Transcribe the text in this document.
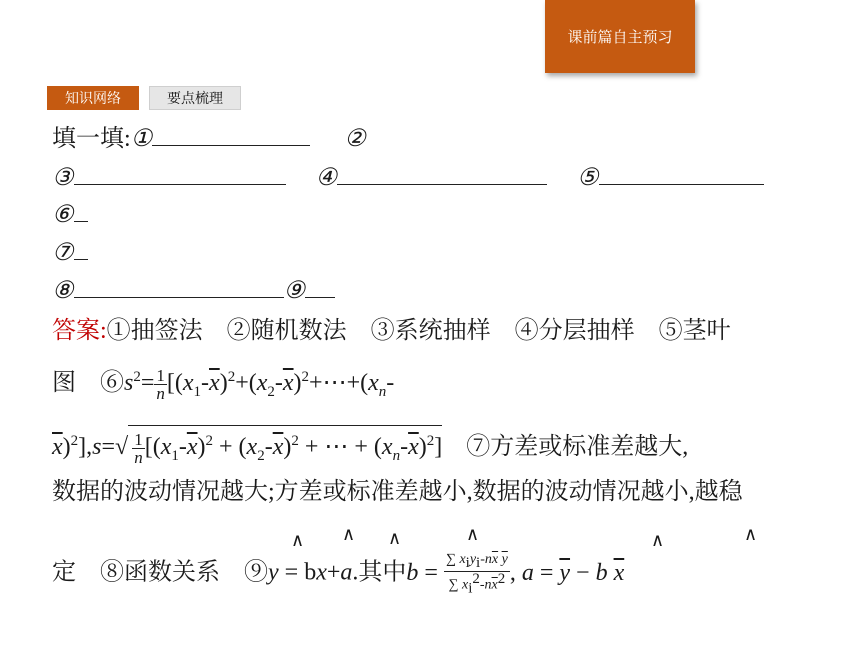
课前篇自主预习
知识网络	要点梳理
填一填:①	②
③	④	⑤
⑥
⑦
⑧	⑨
答案:①抽签法　②随机数法　③系统抽样　④分层抽样　⑤茎叶
图　$⑥s^2= \frac{1}{n}$ [$(x_1-\overline{x})^2+(x_2-\overline{x})^2+\cdots+(x_n-$
$\overline{x})^2],s=√ \frac{1}{n} [(x_1-\overline{x})^2 + (x_2-\overline{x})^2$ + ⋯ + $(x_n-\overline{x})^2$]　⑦方差或标准差越大,
数据的波动情况越大;方差或标准差越小,数据的波动情况越小,越稳
定　⑧函数关系　⑨y = bx+a.其中$b = \frac{\sum x_iy_i-n\overline{x} \overline{y}}{\sum x_i^2-n\overline{x}^2}$ , $a = \overline{y} - b$ $\overline{x}$
∧ ∧ ∧	∧	∧	∧
